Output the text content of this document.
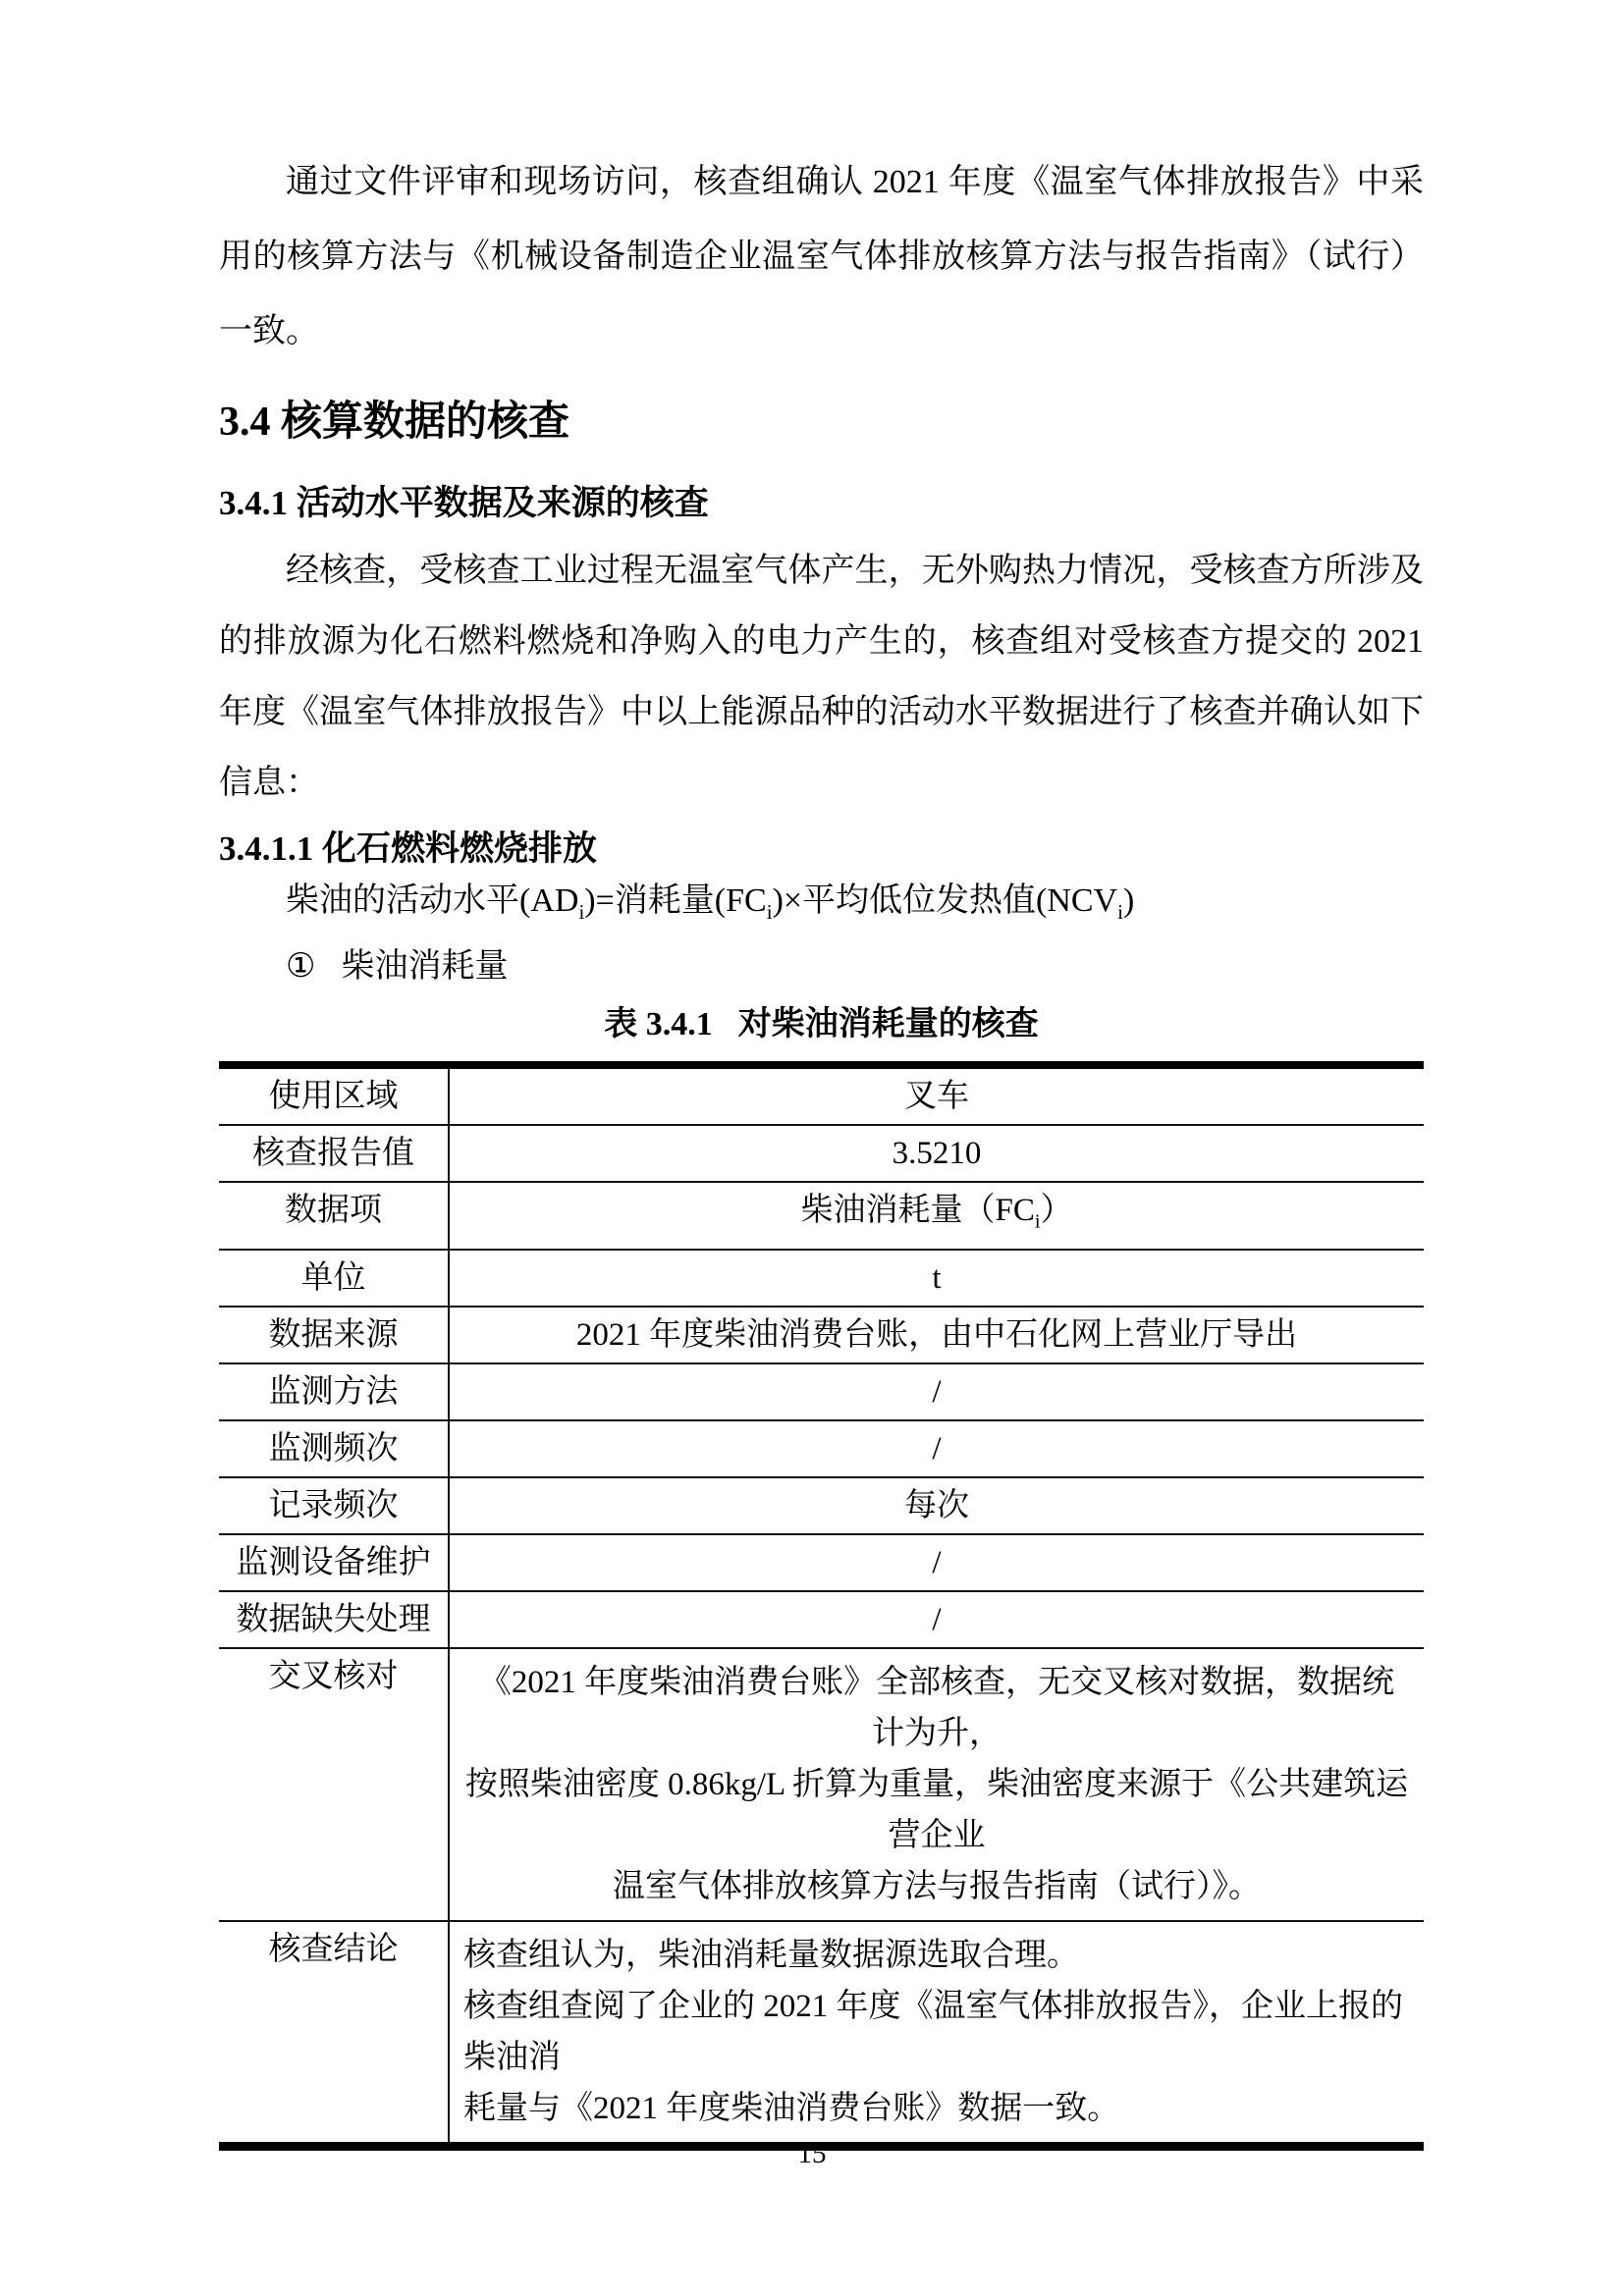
通过文件评审和现场访问，核查组确认 2021 年度《温室气体排放报告》中采用的核算方法与《机械设备制造企业温室气体排放核算方法与报告指南》（试行）一致。

3.4 核算数据的核查
3.4.1 活动水平数据及来源的核查

经核查，受核查工业过程无温室气体产生，无外购热力情况，受核查方所涉及的排放源为化石燃料燃烧和净购入的电力产生的，核查组对受核查方提交的 2021 年度《温室气体排放报告》中以上能源品种的活动水平数据进行了核查并确认如下信息：

3.4.1.1 化石燃料燃烧排放
柴油的活动水平$(AD_i)=$消耗量$(FC_i)\times$平均低位发热值$(NCV_i)$
① 柴油消耗量
表 3.4.1 对柴油消耗量的核查
使用区域	叉车
核查报告值	3.5210
数据项	柴油消耗量$(FC_i)$
单位	t
数据来源	2021 年度柴油消费台账，由中石化网上营业厅导出
监测方法	/
监测频次	/
记录频次	每次
监测设备维护	/
数据缺失处理	/
交叉核对	《2021 年度柴油消费台账》全部核查，无交叉核对数据，数据统计为升，
按照柴油密度 0.86kg/L 折算为重量，柴油密度来源于《公共建筑运营企业
温室气体排放核算方法与报告指南（试行）》。

核查结论	核查组认为，柴油消耗量数据源选取合理。
核查组查阅了企业的 2021 年度《温室气体排放报告》，企业上报的柴油消
耗量与《2021 年度柴油消费台账》数据一致。
15
